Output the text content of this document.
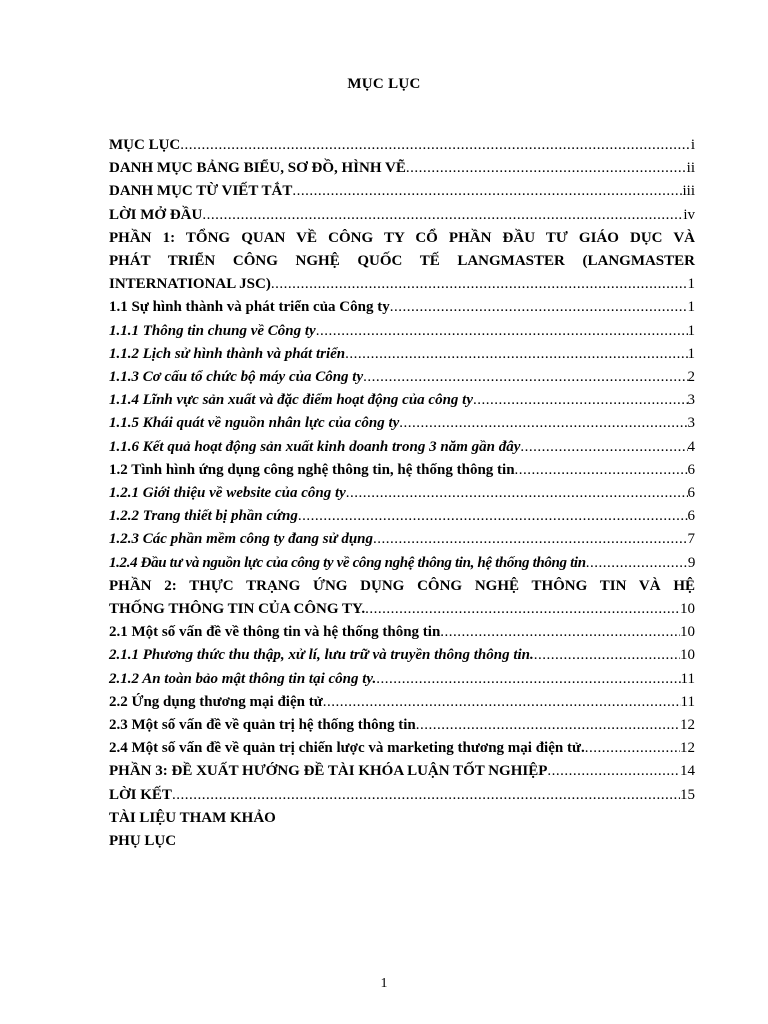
MỤC LỤC
MỤC LỤC .....	i
DANH MỤC BẢNG BIỂU, SƠ ĐỒ, HÌNH VẼ .....	ii
DANH MỤC TỪ VIẾT TẮT .....	iii
LỜI MỞ ĐẦU .....	iv
PHẦN 1: TỔNG QUAN VỀ CÔNG TY CỔ PHẦN ĐẦU TƯ GIÁO DỤC VÀ
PHÁT TRIỂN CÔNG NGHỆ QUỐC TẾ LANGMASTER (LANGMASTER
INTERNATIONAL JSC) .....	1
1.1 Sự hình thành và phát triển của Công ty .....	1
1.1.1 Thông tin chung về Công ty .....	1
1.1.2 Lịch sử hình thành và phát triển .....	1
1.1.3 Cơ cấu tổ chức bộ máy của Công ty .....	2
1.1.4 Lĩnh vực sản xuất và đặc điểm hoạt động của công ty .....	3
1.1.5 Khái quát về nguồn nhân lực của công ty .....	3
1.1.6 Kết quả hoạt động sản xuất kinh doanh trong 3 năm gần đây .....	4
1.2 Tình hình ứng dụng công nghệ thông tin, hệ thống thông tin .....	6
1.2.1 Giới thiệu về website của công ty .....	6
1.2.2 Trang thiết bị phần cứng .....	6
1.2.3 Các phần mềm công ty đang sử dụng .....	7
1.2.4 Đầu tư và nguồn lực của công ty về công nghệ thông tin, hệ thống thông tin .....	9
PHẦN 2: THỰC TRẠNG ỨNG DỤNG CÔNG NGHỆ THÔNG TIN VÀ HỆ
THỐNG THÔNG TIN CỦA CÔNG TY. .....	10
2.1 Một số vấn đề về thông tin và hệ thống thông tin .....	10
2.1.1 Phương thức thu thập, xử lí, lưu trữ và truyền thông thông tin. .....	10
2.1.2 An toàn bảo mật thông tin tại công ty. .....	11
2.2 Ứng dụng thương mại điện tử .....	11
2.3 Một số vấn đề về quản trị hệ thống thông tin .....	12
2.4 Một số vấn đề về quản trị chiến lược và marketing thương mại điện tử. .....	12
PHẦN 3: ĐỀ XUẤT HƯỚNG ĐỀ TÀI KHÓA LUẬN TỐT NGHIỆP .....	14
LỜI KẾT .....	15
TÀI LIỆU THAM KHẢO
PHỤ LỤC
1
